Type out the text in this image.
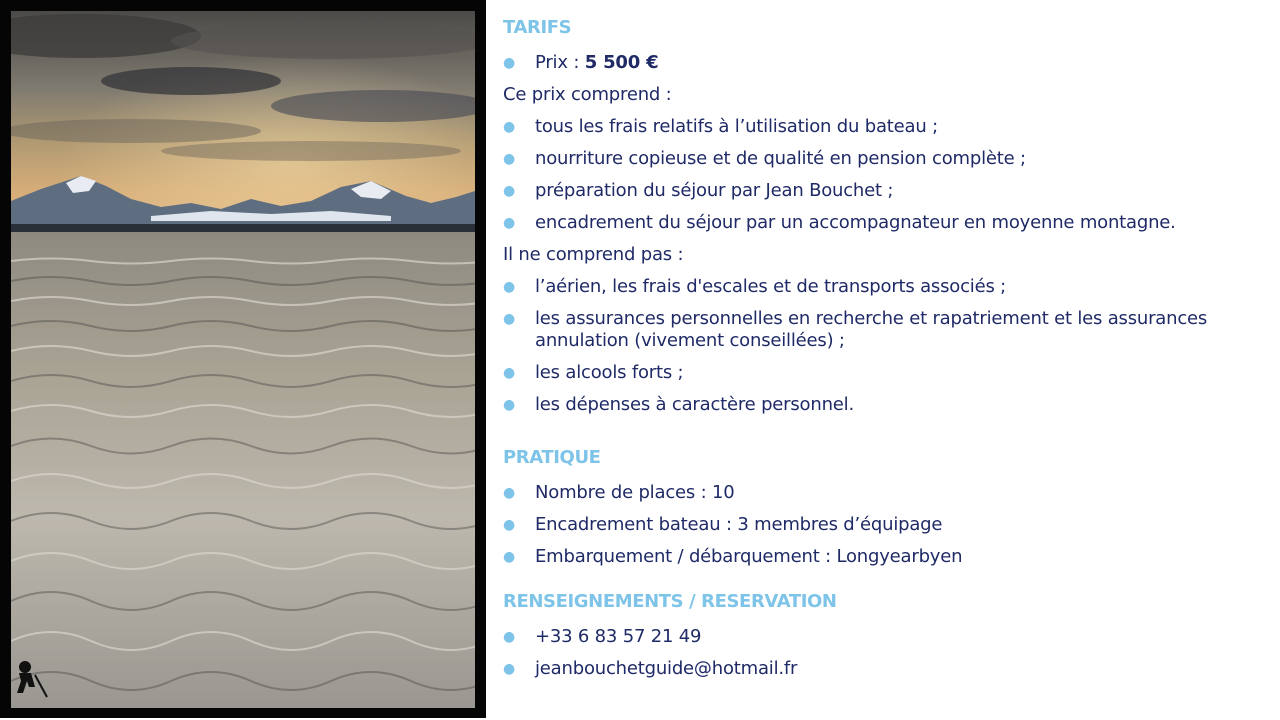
TARIFS
● Prix : 5 500 €

Ce prix comprend :

● tous les frais relatifs à l’utilisation du bateau ;
● nourriture copieuse et de qualité en pension complète ;
● préparation du séjour par Jean Bouchet ;
● encadrement du séjour par un accompagnateur en moyenne montagne.

Il ne comprend pas :

● l’aérien, les frais d'escales et de transports associés ;
● les assurances personnelles en recherche et rapatriement et les assurances annulation (vivement conseillées) ;
● les alcools forts ;
● les dépenses à caractère personnel.
PRATIQUE
● Nombre de places : 10
● Encadrement bateau : 3 membres d’équipage
● Embarquement / débarquement : Longyearbyen
RENSEIGNEMENTS / RESERVATION
● +33 6 83 57 21 49
● jeanbouchetguide@hotmail.fr
